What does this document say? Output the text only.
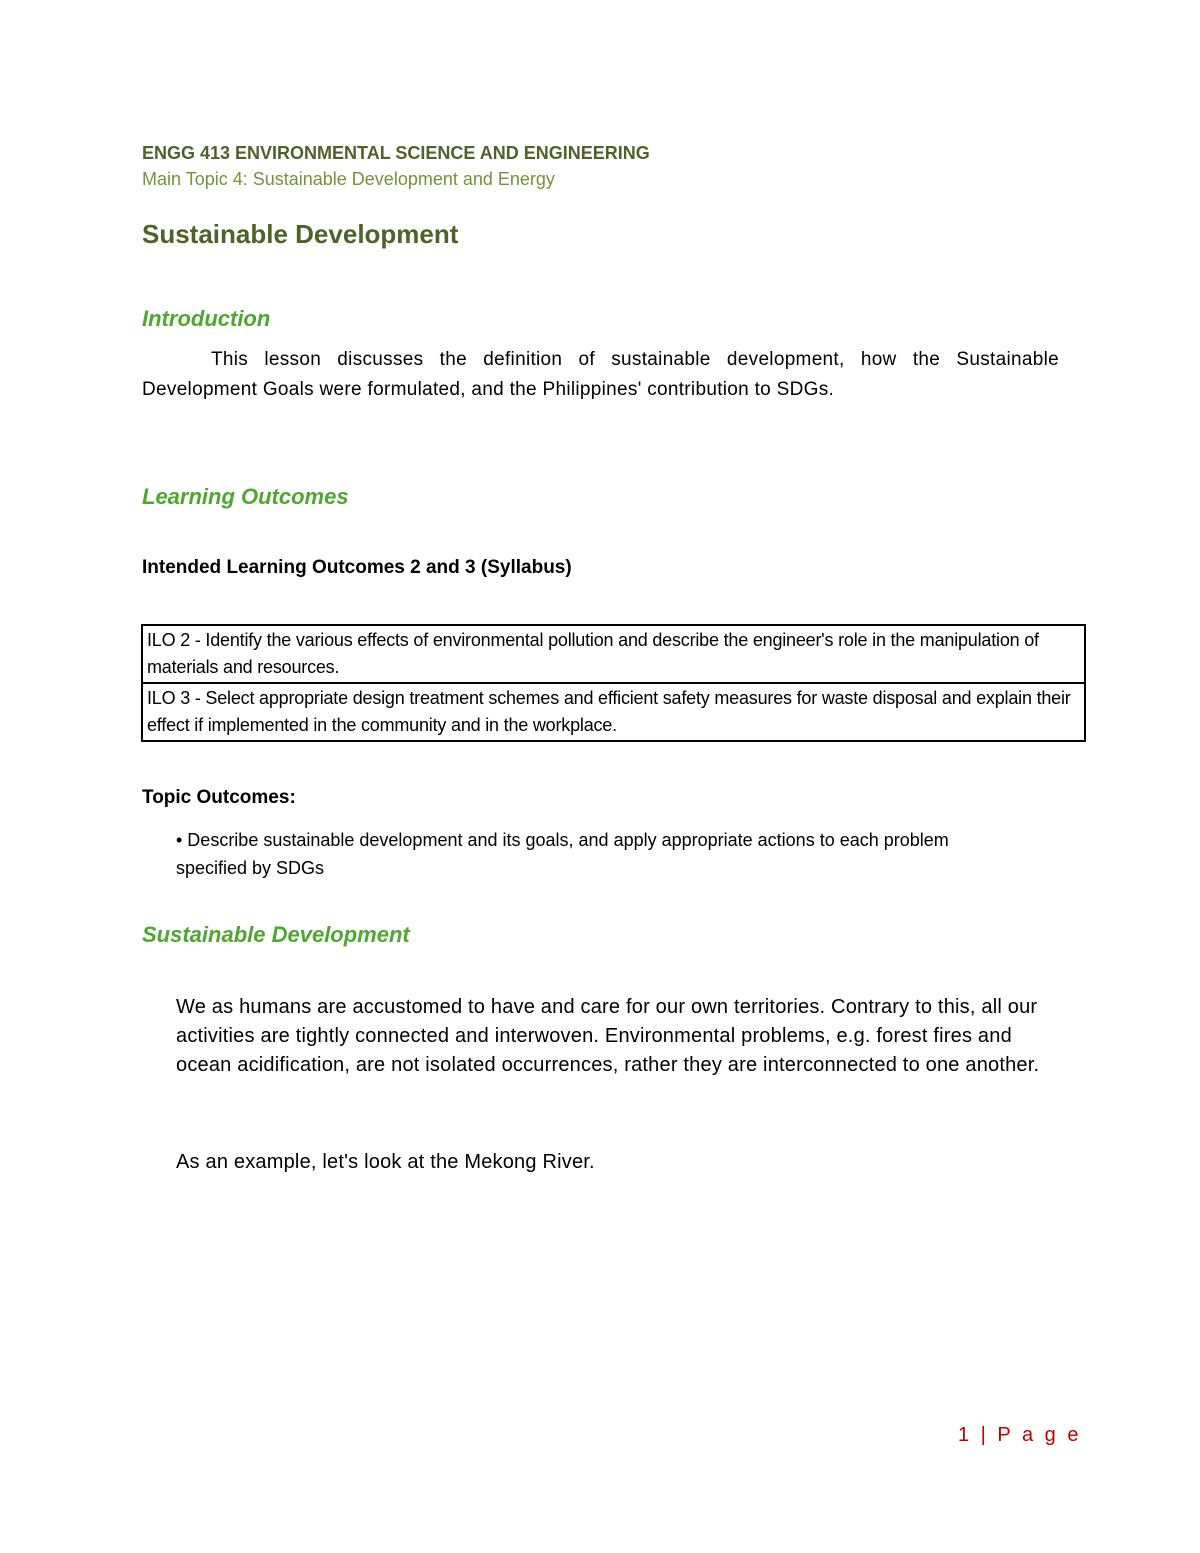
ENGG 413 ENVIRONMENTAL SCIENCE AND ENGINEERING
Main Topic 4: Sustainable Development and Energy
Sustainable Development
Introduction
This lesson discusses the definition of sustainable development, how the Sustainable
Development Goals were formulated, and the Philippines' contribution to SDGs.
Learning Outcomes
Intended Learning Outcomes 2 and 3 (Syllabus)
ILO 2 - Identify the various effects of environmental pollution and describe the engineer's role in the manipulation of materials and resources.
ILO 3 - Select appropriate design treatment schemes and efficient safety measures for waste disposal and explain their effect if implemented in the community and in the workplace.
Topic Outcomes:
• Describe sustainable development and its goals, and apply appropriate actions to each problem specified by SDGs
Sustainable Development
We as humans are accustomed to have and care for our own territories. Contrary to this, all our activities are tightly connected and interwoven. Environmental problems, e.g. forest fires and ocean acidification, are not isolated occurrences, rather they are interconnected to one another.
As an example, let's look at the Mekong River.
1 | P a g e
